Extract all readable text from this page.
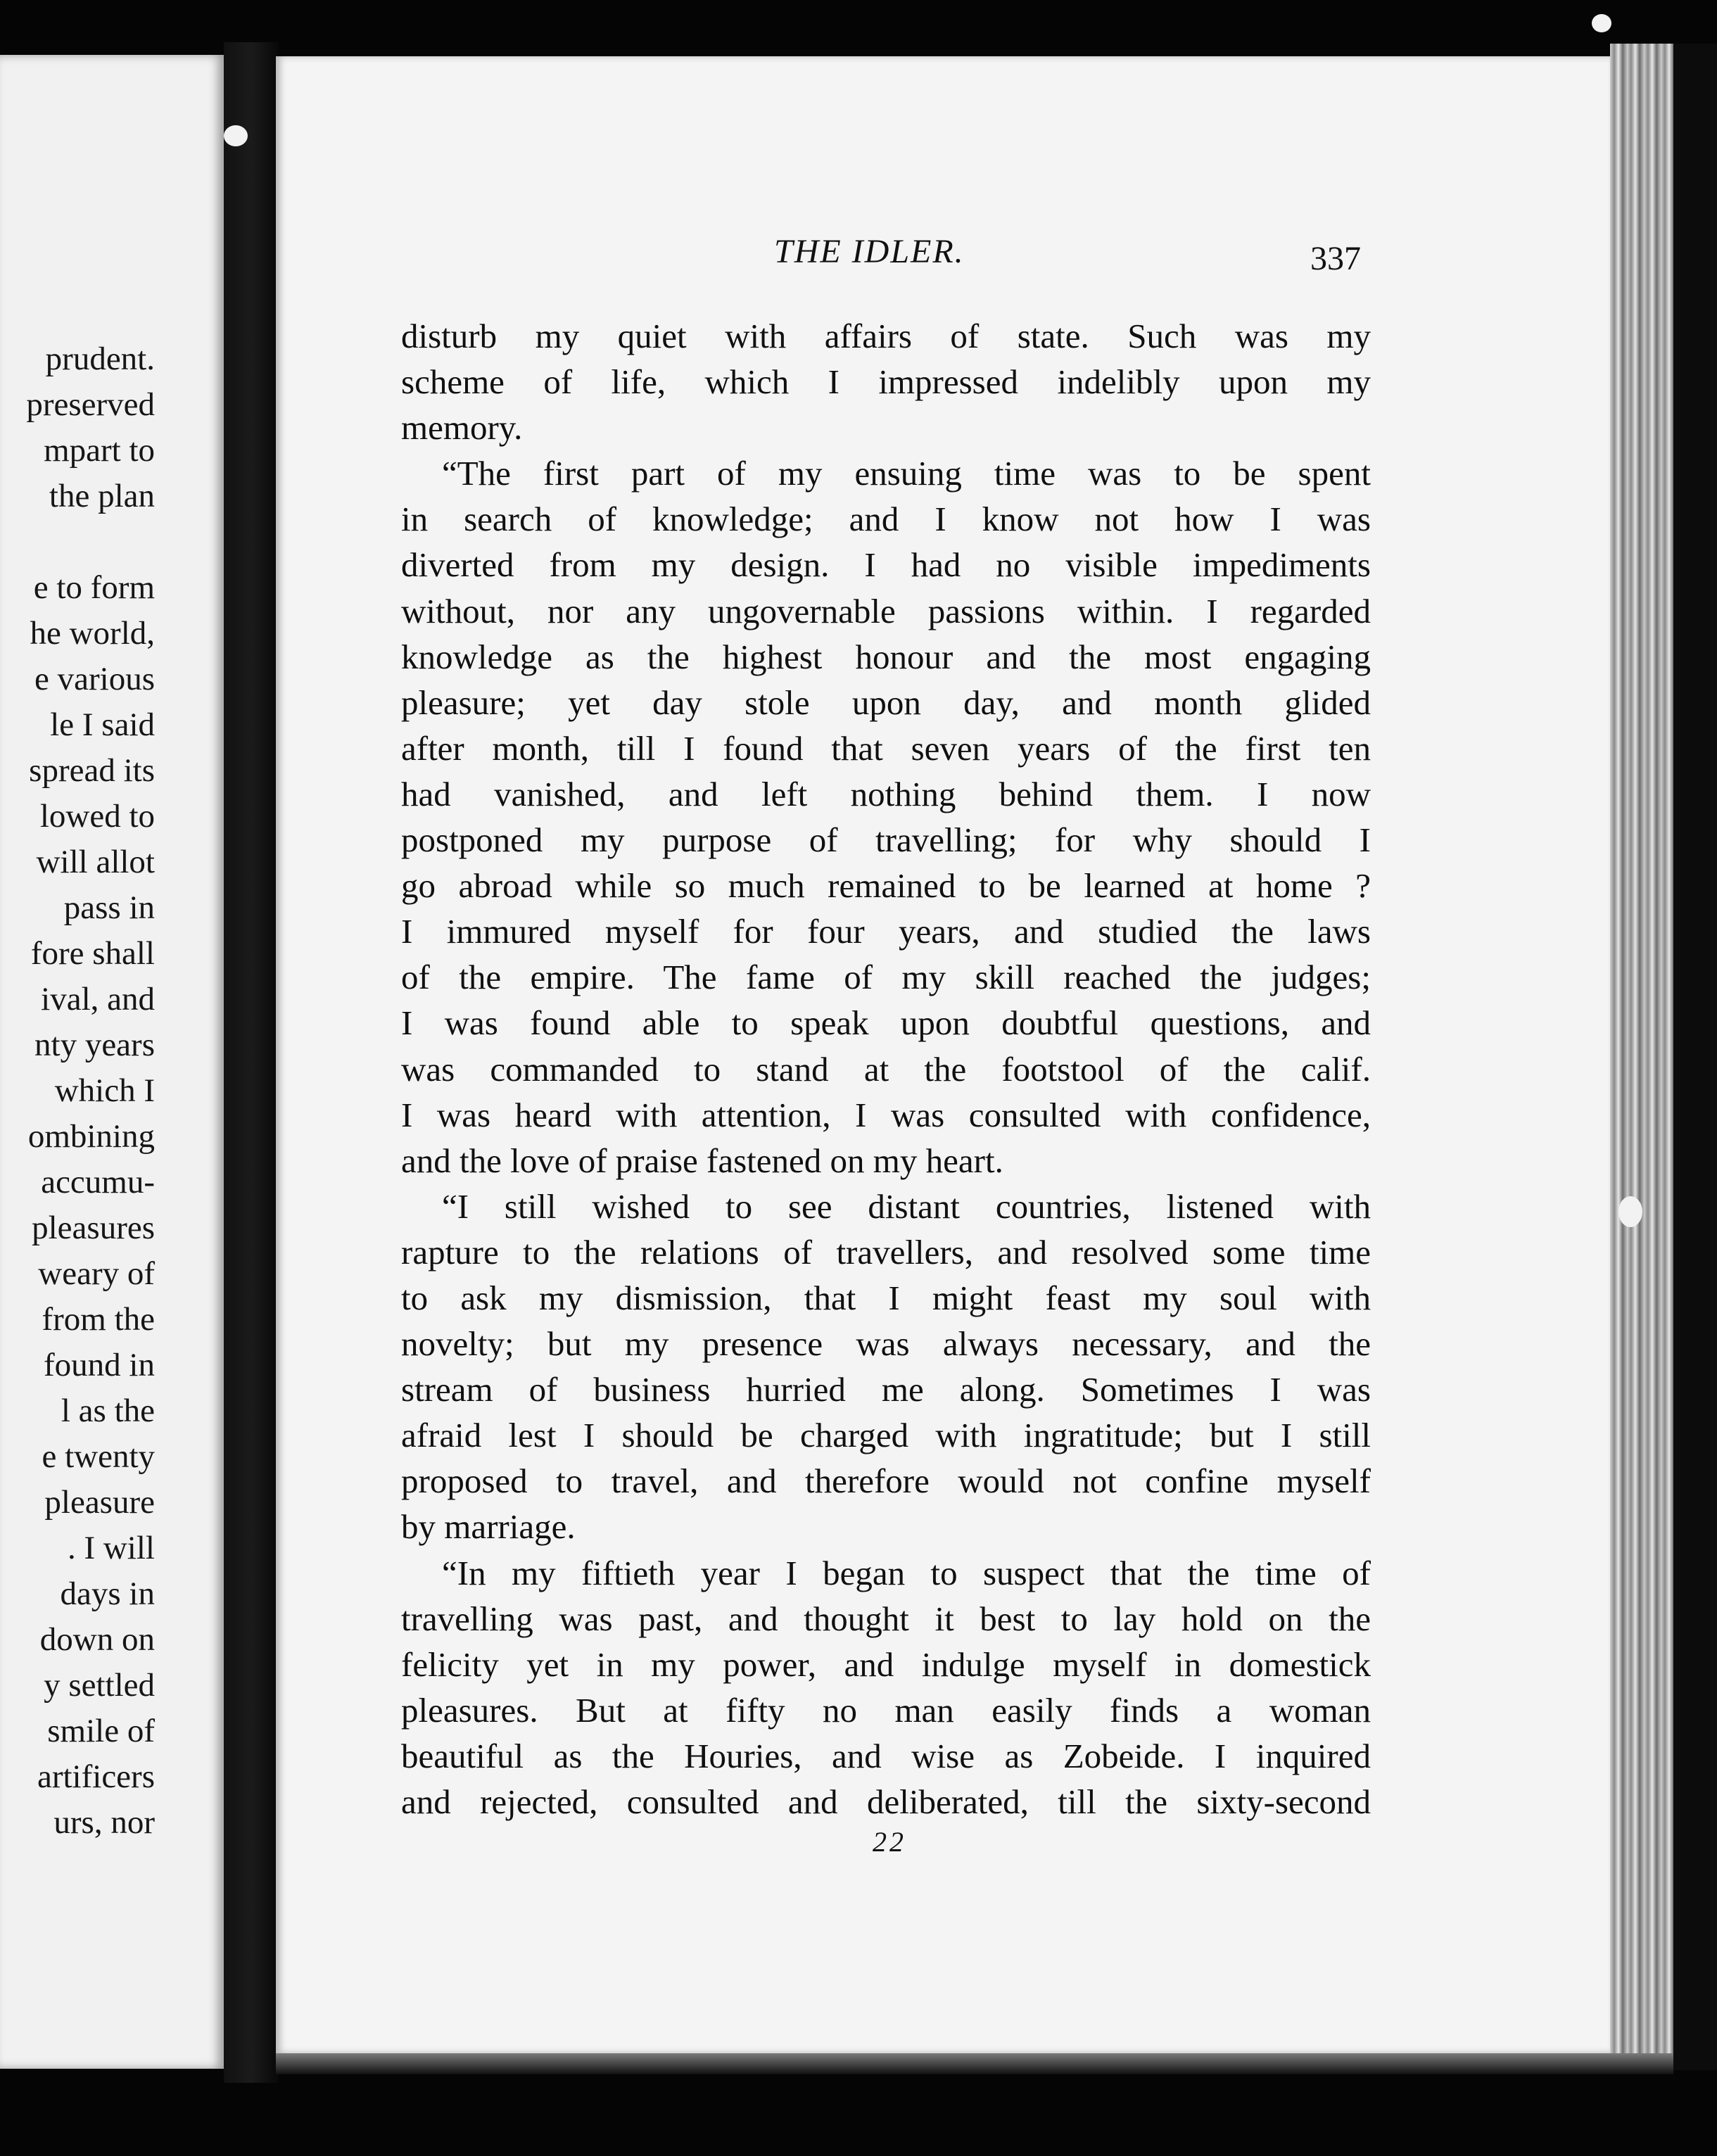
prudent.
preserved
mpart to
the plan
e to form
he world,
e various
le I said
spread its
lowed to
will allot
pass in
fore shall
ival, and
nty years
which I
ombining
accumu-
pleasures
weary of
from the
found in
l as the
e twenty
pleasure
. I will
days in
down on
y settled
smile of
artificers
urs, nor
THE IDLER.	337
disturb my quiet with affairs of state. Such was my
scheme of life, which I impressed indelibly upon my
memory.
“The first part of my ensuing time was to be spent
in search of knowledge; and I know not how I was
diverted from my design. I had no visible impediments
without, nor any ungovernable passions within. I regarded
knowledge as the highest honour and the most engaging
pleasure; yet day stole upon day, and month glided
after month, till I found that seven years of the first ten
had vanished, and left nothing behind them. I now
postponed my purpose of travelling; for why should I
go abroad while so much remained to be learned at home ?
I immured myself for four years, and studied the laws
of the empire. The fame of my skill reached the judges;
I was found able to speak upon doubtful questions, and
was commanded to stand at the footstool of the calif.
I was heard with attention, I was consulted with confidence,
and the love of praise fastened on my heart.
“I still wished to see distant countries, listened with
rapture to the relations of travellers, and resolved some time
to ask my dismission, that I might feast my soul with
novelty; but my presence was always necessary, and the
stream of business hurried me along. Sometimes I was
afraid lest I should be charged with ingratitude; but I still
proposed to travel, and therefore would not confine myself
by marriage.
“In my fiftieth year I began to suspect that the time of
travelling was past, and thought it best to lay hold on the
felicity yet in my power, and indulge myself in domestick
pleasures. But at fifty no man easily finds a woman
beautiful as the Houries, and wise as Zobeide. I inquired
and rejected, consulted and deliberated, till the sixty-second
22
